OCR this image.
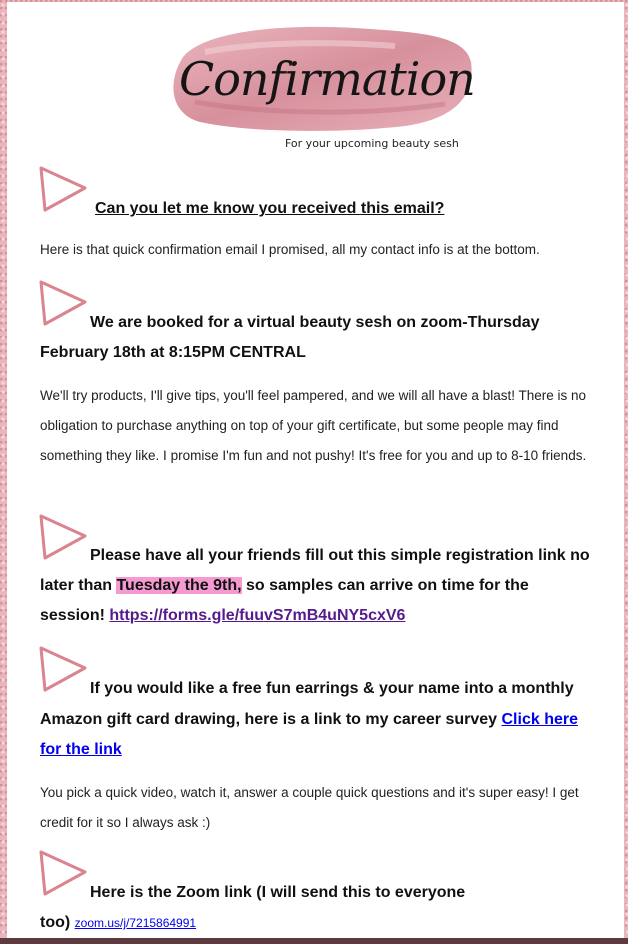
Confirmation
For your upcoming beauty sesh
Can you let me know you received this email?
Here is that quick confirmation email I promised, all my contact info is at the bottom.
We are booked for a virtual beauty sesh on zoom-Thursday
February 18th at 8:15PM CENTRAL
We'll try products, I'll give tips, you'll feel pampered, and we will all have a blast! There is no obligation to purchase anything on top of your gift certificate, but some people may find something they like. I promise I'm fun and not pushy! It's free for you and up to 8-10 friends.
Please have all your friends fill out this simple registration link no
later than Tuesday the 9th, so samples can arrive on time for the
session! https://forms.gle/fuuvS7mB4uNY5cxV6
If you would like a free fun earrings & your name into a monthly
Amazon gift card drawing, here is a link to my career survey Click here
for the link
You pick a quick video, watch it, answer a couple quick questions and it's super easy! I get credit for it so I always ask :)
Here is the Zoom link (I will send this to everyone
too) zoom.us/j/7215864991
